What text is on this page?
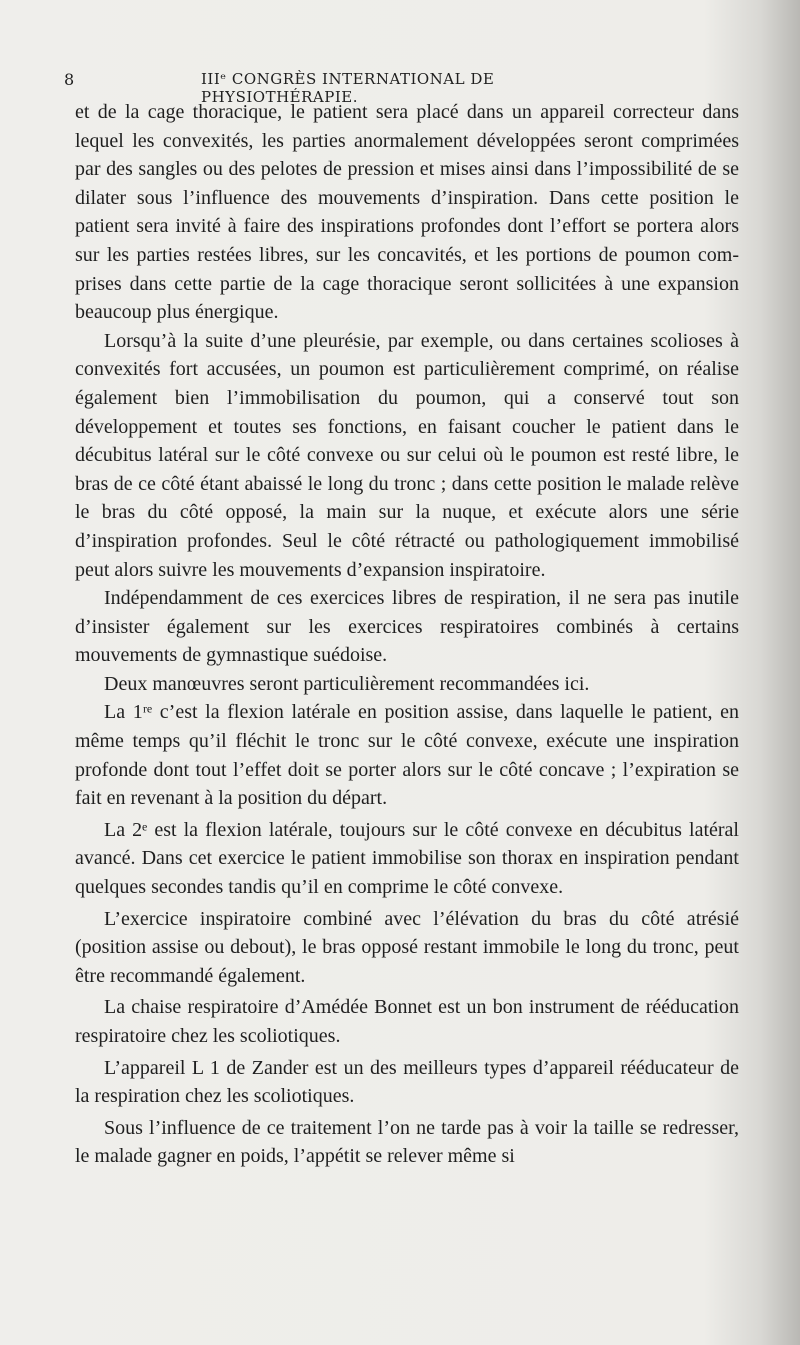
8	IIIᵉ CONGRÈS INTERNATIONAL DE PHYSIOTHÉRAPIE.

et de la cage thoracique, le patient sera placé dans un appareil correcteur dans lequel les convexités, les parties anormalement développées seront comprimées par des sangles ou des pelotes de pression et mises ainsi dans l’impossibilité de se dilater sous l’influence des mouvements d’inspiration. Dans cette position le patient sera invité à faire des inspirations profondes dont l’effort se portera alors sur les parties restées libres, sur les concavités, et les portions de poumon comprises dans cette partie de la cage thoracique seront sollicitées à une expansion beaucoup plus énergique.

Lorsqu’à la suite d’une pleurésie, par exemple, ou dans certaines scolioses à convexités fort accusées, un poumon est particulièrement comprimé, on réalise également bien l’immobilisation du poumon, qui a conservé tout son développement et toutes ses fonctions, en faisant coucher le patient dans le décubitus latéral sur le côté convexe ou sur celui où le poumon est resté libre, le bras de ce côté étant abaissé le long du tronc ; dans cette position le malade relève le bras du côté opposé, la main sur la nuque, et exécute alors une série d’inspiration profondes. Seul le côté rétracté ou pathologiquement immobilisé peut alors suivre les mouvements d’expansion inspiratoire.

Indépendamment de ces exercices libres de respiration, il ne sera pas inutile d’insister également sur les exercices respiratoires combinés à certains mouvements de gymnastique suédoise.

Deux manœuvres seront particulièrement recommandées ici.

La 1ʳᵉ c’est la flexion latérale en position assise, dans laquelle le patient, en même temps qu’il fléchit le tronc sur le côté convexe, exécute une inspiration profonde dont tout l’effet doit se porter alors sur le côté concave ; l’expiration se fait en revenant à la position du départ.

La 2ᵉ est la flexion latérale, toujours sur le côté convexe en décubitus latéral avancé. Dans cet exercice le patient immobilise son thorax en inspiration pendant quelques secondes tandis qu’il en comprime le côté convexe.

L’exercice inspiratoire combiné avec l’élévation du bras du côté atrésié (position assise ou debout), le bras opposé restant immobile le long du tronc, peut être recommandé également.

La chaise respiratoire d’Amédée Bonnet est un bon instrument de rééducation respiratoire chez les scoliotiques.

L’appareil L 1 de Zander est un des meilleurs types d’appareil rééducateur de la respiration chez les scoliotiques.

Sous l’influence de ce traitement l’on ne tarde pas à voir la taille se redresser, le malade gagner en poids, l’appétit se relever même si
